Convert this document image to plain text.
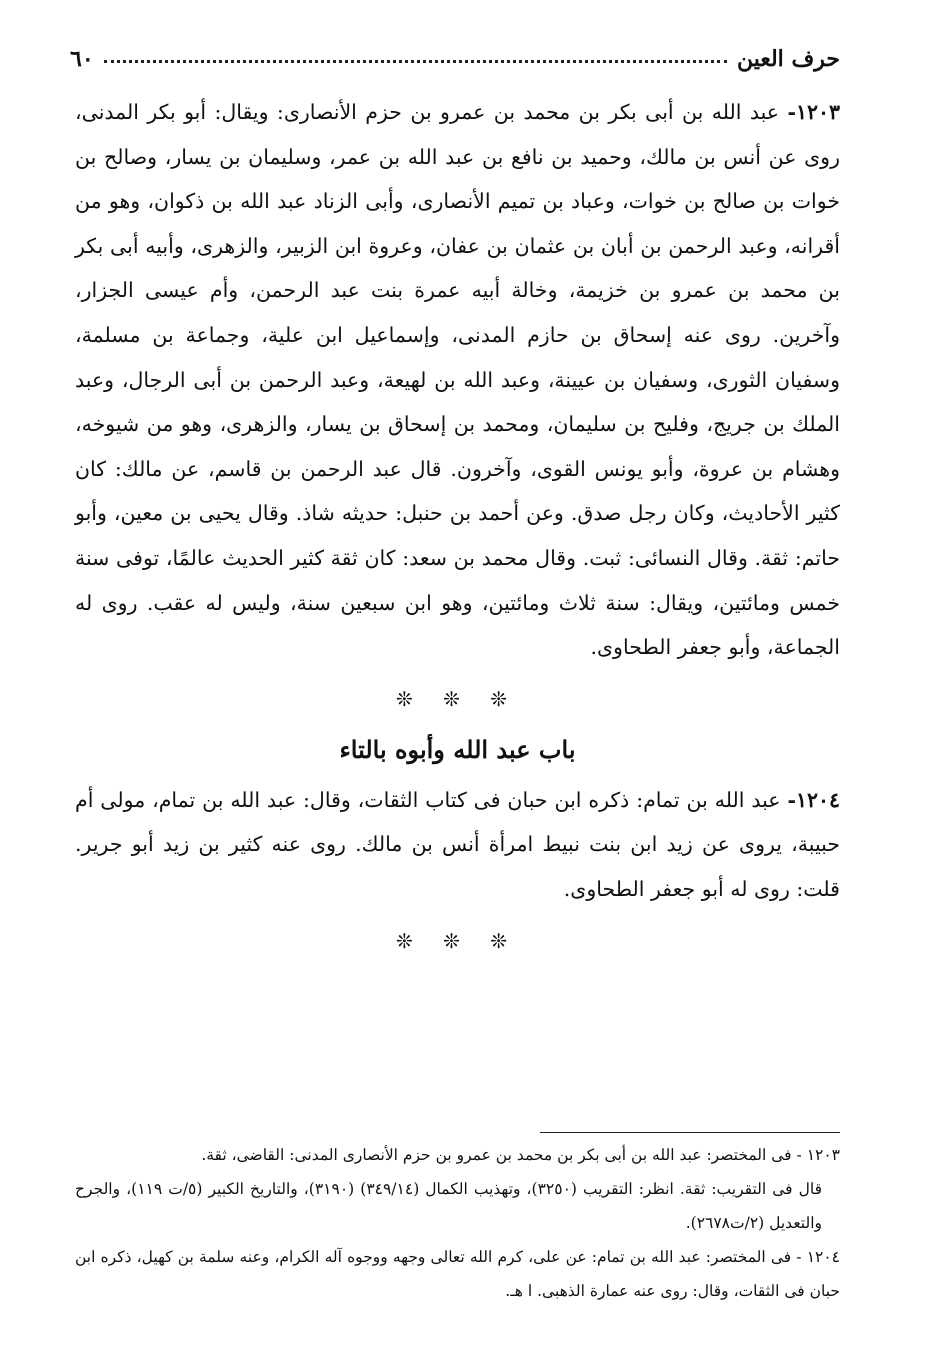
حرف العين
٦٠

١٢٠٣- عبد الله بن أبى بكر بن محمد بن عمرو بن حزم الأنصارى: ويقال: أبو بكر المدنى، روى عن أنس بن مالك، وحميد بن نافع بن عبد الله بن عمر، وسليمان بن يسار، وصالح بن خوات بن صالح بن خوات، وعباد بن تميم الأنصارى، وأبى الزناد عبد الله بن ذكوان، وهو من أقرانه، وعبد الرحمن بن أبان بن عثمان بن عفان، وعروة ابن الزبير، والزهرى، وأبيه أبى بكر بن محمد بن عمرو بن خزيمة، وخالة أبيه عمرة بنت عبد الرحمن، وأم عيسى الجزار، وآخرين. روى عنه إسحاق بن حازم المدنى، وإسماعيل ابن علية، وجماعة بن مسلمة، وسفيان الثورى، وسفيان بن عيينة، وعبد الله بن لهيعة، وعبد الرحمن بن أبى الرجال، وعبد الملك بن جريج، وفليح بن سليمان، ومحمد بن إسحاق بن يسار، والزهرى، وهو من شيوخه، وهشام بن عروة، وأبو يونس القوى، وآخرون. قال عبد الرحمن بن قاسم، عن مالك: كان كثير الأحاديث، وكان رجل صدق. وعن أحمد بن حنبل: حديثه شاذ. وقال يحيى بن معين، وأبو حاتم: ثقة. وقال النسائى: ثبت. وقال محمد بن سعد: كان ثقة كثير الحديث عالمًا، توفى سنة خمس ومائتين، ويقال: سنة ثلاث ومائتين، وهو ابن سبعين سنة، وليس له عقب. روى له الجماعة، وأبو جعفر الطحاوى.

❊ ❊ ❊
باب عبد الله وأبوه بالتاء

١٢٠٤- عبد الله بن تمام: ذكره ابن حبان فى كتاب الثقات، وقال: عبد الله بن تمام، مولى أم حبيبة، يروى عن زيد ابن بنت نبيط امرأة أنس بن مالك. روى عنه كثير بن زيد أبو جرير. قلت: روى له أبو جعفر الطحاوى.

❊ ❊ ❊

١٢٠٣ - فى المختصر: عبد الله بن أبى بكر بن محمد بن عمرو بن حزم الأنصارى المدنى: القاضى، ثقة.

قال فى التقريب: ثقة. انظر: التقريب (٣٢٥٠)، وتهذيب الكمال (٣٤٩/١٤) (٣١٩٠)، والتاريخ الكبير (٥/ت ١١٩)، والجرح والتعديل (٢/ت٢٦٧٨).

١٢٠٤ - فى المختصر: عبد الله بن تمام: عن على، كرم الله تعالى وجهه ووجوه آله الكرام، وعنه سلمة بن كهيل، ذكره ابن حبان فى الثقات، وقال: روى عنه عمارة الذهبى. ا هـ.
